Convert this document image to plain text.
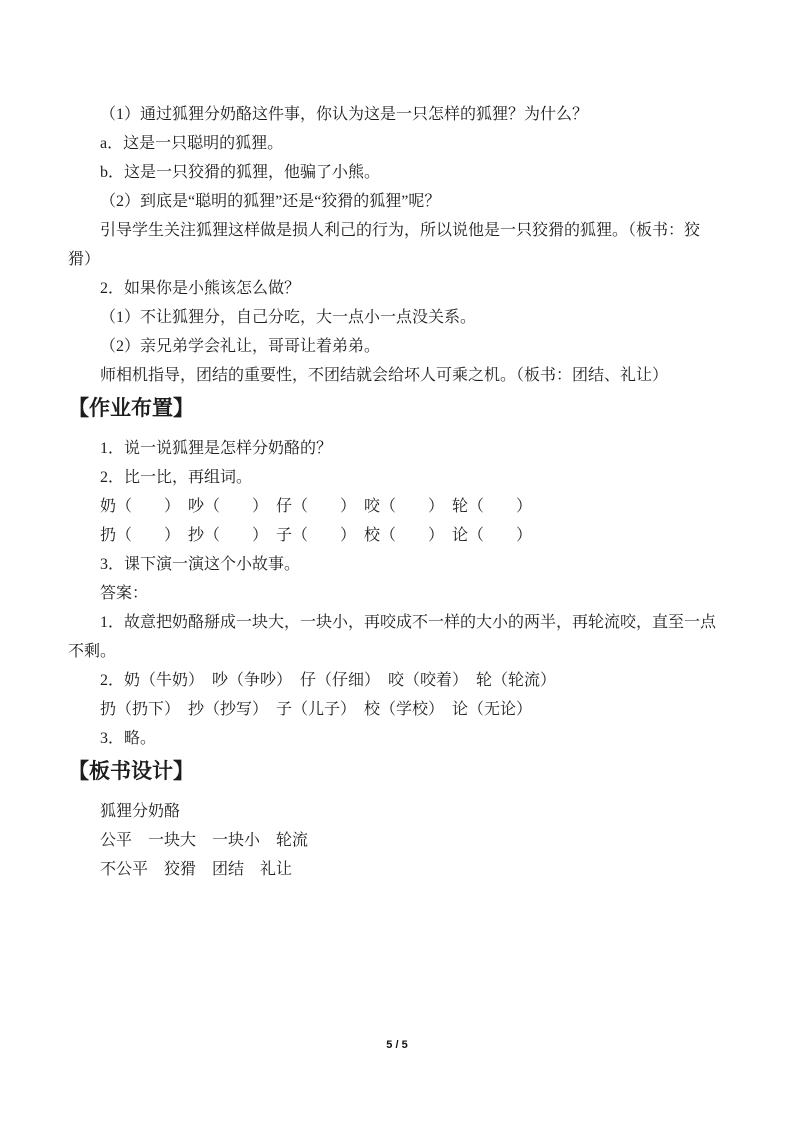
（1）通过狐狸分奶酪这件事，你认为这是一只怎样的狐狸？为什么？
a．这是一只聪明的狐狸。
b．这是一只狡猾的狐狸，他骗了小熊。
（2）到底是“聪明的狐狸”还是“狡猾的狐狸”呢？
引导学生关注狐狸这样做是损人利己的行为，所以说他是一只狡猾的狐狸。（板书：狡
猾）
2．如果你是小熊该怎么做？
（1）不让狐狸分，自己分吃，大一点小一点没关系。
（2）亲兄弟学会礼让，哥哥让着弟弟。
师相机指导，团结的重要性，不团结就会给坏人可乘之机。（板书：团结、礼让）
【作业布置】
1．说一说狐狸是怎样分奶酪的？
2．比一比，再组词。
奶（　　）　吵（　　）　仔（　　）　咬（　　）　轮（　　）
扔（　　）　抄（　　）　子（　　）　校（　　）　论（　　）
3．课下演一演这个小故事。
答案：
1．故意把奶酪掰成一块大，一块小，再咬成不一样的大小的两半，再轮流咬，直至一点
不剩。
2．奶（牛奶）　吵（争吵）　仔（仔细）　咬（咬着）　轮（轮流）
扔（扔下）　抄（抄写）　子（儿子）　校（学校）　论（无论）
3．略。
【板书设计】
狐狸分奶酪
公平　一块大　一块小　轮流
不公平　狡猾　团结　礼让
5 / 5
